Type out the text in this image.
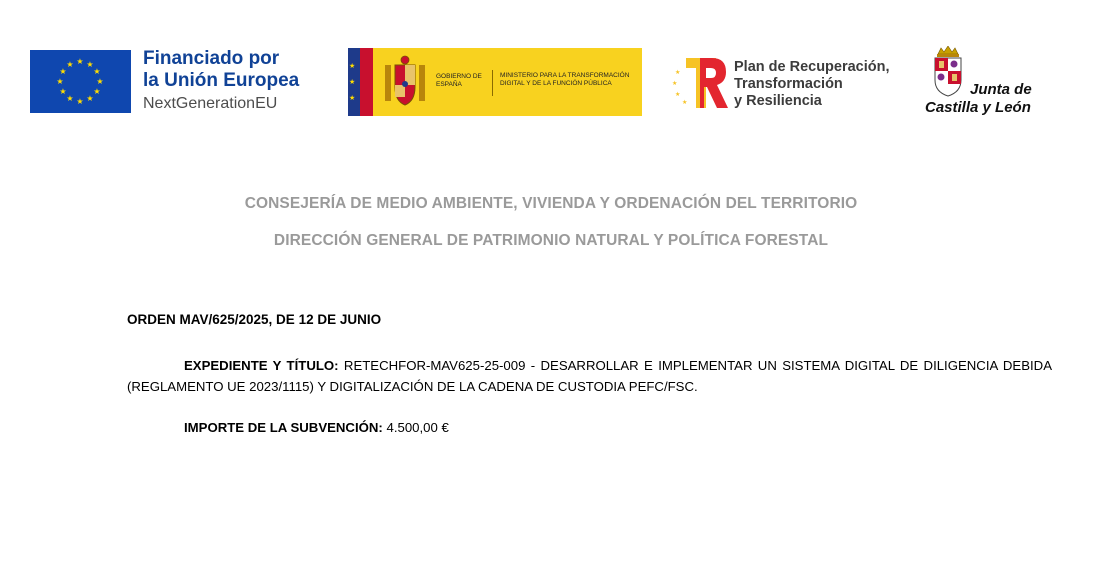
★ ★
★
★
★
★
★
★
★
★
★
★	Financiado por
la Unión Europea
NextGenerationEU
★
★
★
GOBIERNO DE ESPAÑA
MINISTERIO PARA LA TRANSFORMACIÓN DIGITAL Y DE LA FUNCIÓN PÚBLICA
★
★
★
★
Plan de Recuperación,
Transformación
y Resiliencia
Junta de
Castilla y León
CONSEJERÍA DE MEDIO AMBIENTE, VIVIENDA Y ORDENACIÓN DEL TERRITORIO
DIRECCIÓN GENERAL DE PATRIMONIO NATURAL Y POLÍTICA FORESTAL
ORDEN MAV/625/2025, DE 12 DE JUNIO
EXPEDIENTE Y TÍTULO: RETECHFOR-MAV625-25-009 - DESARROLLAR E IMPLEMENTAR UN SISTEMA DIGITAL DE DILIGENCIA DEBIDA (REGLAMENTO UE 2023/1115) Y DIGITALIZACIÓN DE LA CADENA DE CUSTODIA PEFC/FSC.
IMPORTE DE LA SUBVENCIÓN: 4.500,00 €
